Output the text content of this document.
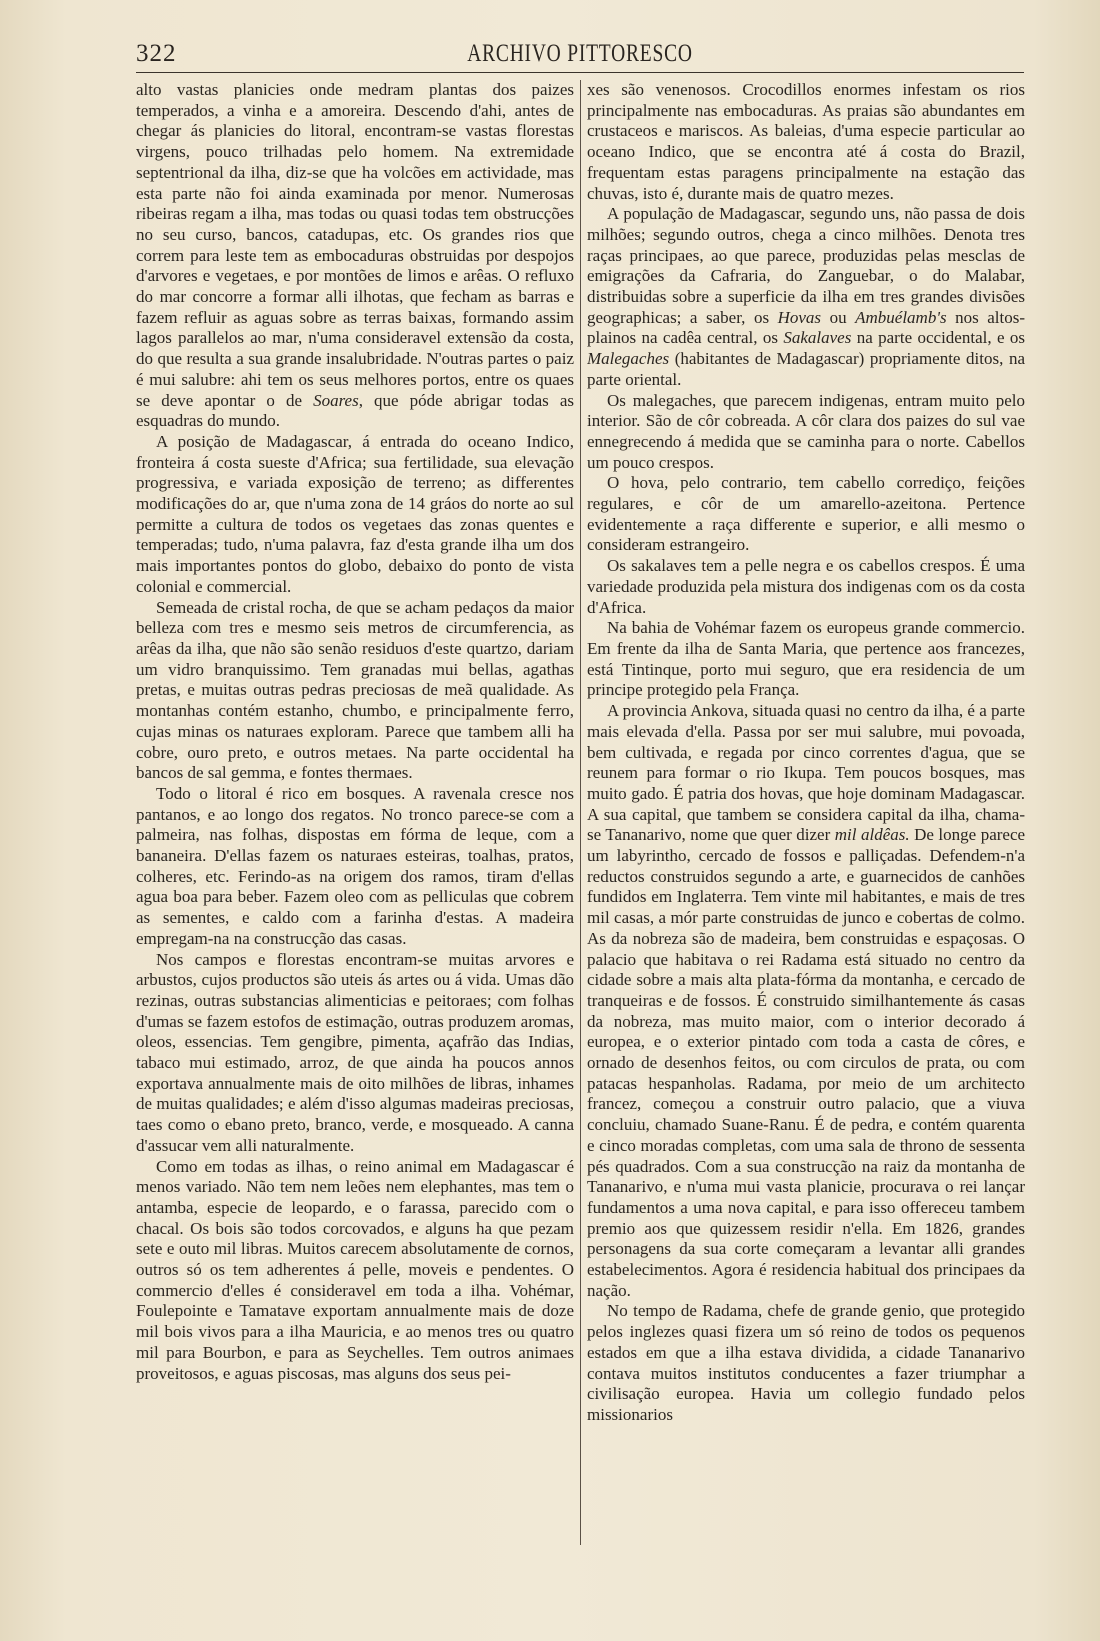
322	ARCHIVO PITTORESCO

alto vastas planicies onde medram plantas dos paizes temperados, a vinha e a amoreira. Descendo d'ahi, antes de chegar ás planicies do litoral, encontram-se vastas florestas virgens, pouco trilhadas pelo homem. Na extremidade septentrional da ilha, diz-se que ha volcões em actividade, mas esta parte não foi ainda examinada por menor. Numerosas ribeiras regam a ilha, mas todas ou quasi todas tem obstrucções no seu curso, bancos, catadupas, etc. Os grandes rios que correm para leste tem as embocaduras obstruidas por despojos d'arvores e vegetaes, e por montões de limos e arêas. O refluxo do mar concorre a formar alli ilhotas, que fecham as barras e fazem refluir as aguas sobre as terras baixas, formando assim lagos parallelos ao mar, n'uma consideravel extensão da costa, do que resulta a sua grande insalubridade. N'outras partes o paiz é mui salubre: ahi tem os seus melhores portos, entre os quaes se deve apontar o de Soares, que póde abrigar todas as esquadras do mundo.

A posição de Madagascar, á entrada do oceano Indico, fronteira á costa sueste d'Africa; sua fertilidade, sua elevação progressiva, e variada exposição de terreno; as differentes modificações do ar, que n'uma zona de 14 gráos do norte ao sul permitte a cultura de todos os vegetaes das zonas quentes e temperadas; tudo, n'uma palavra, faz d'esta grande ilha um dos mais importantes pontos do globo, debaixo do ponto de vista colonial e commercial.

Semeada de cristal rocha, de que se acham pedaços da maior belleza com tres e mesmo seis metros de circumferencia, as arêas da ilha, que não são senão residuos d'este quartzo, dariam um vidro branquissimo. Tem granadas mui bellas, agathas pretas, e muitas outras pedras preciosas de meã qualidade. As montanhas contém estanho, chumbo, e principalmente ferro, cujas minas os naturaes exploram. Parece que tambem alli ha cobre, ouro preto, e outros metaes. Na parte occidental ha bancos de sal gemma, e fontes thermaes.

Todo o litoral é rico em bosques. A ravenala cresce nos pantanos, e ao longo dos regatos. No tronco parece-se com a palmeira, nas folhas, dispostas em fórma de leque, com a bananeira. D'ellas fazem os naturaes esteiras, toalhas, pratos, colheres, etc. Ferindo-as na origem dos ramos, tiram d'ellas agua boa para beber. Fazem oleo com as pelliculas que cobrem as sementes, e caldo com a farinha d'estas. A madeira empregam-na na construcção das casas.

Nos campos e florestas encontram-se muitas arvores e arbustos, cujos productos são uteis ás artes ou á vida. Umas dão rezinas, outras substancias alimenticias e peitoraes; com folhas d'umas se fazem estofos de estimação, outras produzem aromas, oleos, essencias. Tem gengibre, pimenta, açafrão das Indias, tabaco mui estimado, arroz, de que ainda ha poucos annos exportava annualmente mais de oito milhões de libras, inhames de muitas qualidades; e além d'isso algumas madeiras preciosas, taes como o ebano preto, branco, verde, e mosqueado. A canna d'assucar vem alli naturalmente.

Como em todas as ilhas, o reino animal em Madagascar é menos variado. Não tem nem leões nem elephantes, mas tem o antamba, especie de leopardo, e o farassa, parecido com o chacal. Os bois são todos corcovados, e alguns ha que pezam sete e outo mil libras. Muitos carecem absolutamente de cornos, outros só os tem adherentes á pelle, moveis e pendentes. O commercio d'elles é consideravel em toda a ilha. Vohémar, Foulepointe e Tamatave exportam annualmente mais de doze mil bois vivos para a ilha Mauricia, e ao menos tres ou quatro mil para Bourbon, e para as Seychelles. Tem outros animaes proveitosos, e aguas piscosas, mas alguns dos seus pei-

xes são venenosos. Crocodillos enormes infestam os rios principalmente nas embocaduras. As praias são abundantes em crustaceos e mariscos. As baleias, d'uma especie particular ao oceano Indico, que se encontra até á costa do Brazil, frequentam estas paragens principalmente na estação das chuvas, isto é, durante mais de quatro mezes.

A população de Madagascar, segundo uns, não passa de dois milhões; segundo outros, chega a cinco milhões. Denota tres raças principaes, ao que parece, produzidas pelas mesclas de emigrações da Cafraria, do Zanguebar, o do Malabar, distribuidas sobre a superficie da ilha em tres grandes divisões geographicas; a saber, os Hovas ou Ambuélamb's nos altos-plainos na cadêa central, os Sakalaves na parte occidental, e os Malegaches (habitantes de Madagascar) propriamente ditos, na parte oriental.

Os malegaches, que parecem indigenas, entram muito pelo interior. São de côr cobreada. A côr clara dos paizes do sul vae ennegrecendo á medida que se caminha para o norte. Cabellos um pouco crespos.

O hova, pelo contrario, tem cabello corrediço, feições regulares, e côr de um amarello-azeitona. Pertence evidentemente a raça differente e superior, e alli mesmo o consideram estrangeiro.

Os sakalaves tem a pelle negra e os cabellos crespos. É uma variedade produzida pela mistura dos indigenas com os da costa d'Africa.

Na bahia de Vohémar fazem os europeus grande commercio. Em frente da ilha de Santa Maria, que pertence aos francezes, está Tintinque, porto mui seguro, que era residencia de um principe protegido pela França.

A provincia Ankova, situada quasi no centro da ilha, é a parte mais elevada d'ella. Passa por ser mui salubre, mui povoada, bem cultivada, e regada por cinco correntes d'agua, que se reunem para formar o rio Ikupa. Tem poucos bosques, mas muito gado. É patria dos hovas, que hoje dominam Madagascar. A sua capital, que tambem se considera capital da ilha, chama-se Tananarivo, nome que quer dizer mil aldêas. De longe parece um labyrintho, cercado de fossos e palliçadas. Defendem-n'a reductos construidos segundo a arte, e guarnecidos de canhões fundidos em Inglaterra. Tem vinte mil habitantes, e mais de tres mil casas, a mór parte construidas de junco e cobertas de colmo. As da nobreza são de madeira, bem construidas e espaçosas. O palacio que habitava o rei Radama está situado no centro da cidade sobre a mais alta plata-fórma da montanha, e cercado de tranqueiras e de fossos. É construido similhantemente ás casas da nobreza, mas muito maior, com o interior decorado á europea, e o exterior pintado com toda a casta de côres, e ornado de desenhos feitos, ou com circulos de prata, ou com patacas hespanholas. Radama, por meio de um architecto francez, começou a construir outro palacio, que a viuva concluiu, chamado Suane-Ranu. É de pedra, e contém quarenta e cinco moradas completas, com uma sala de throno de sessenta pés quadrados. Com a sua construcção na raiz da montanha de Tananarivo, e n'uma mui vasta planicie, procurava o rei lançar fundamentos a uma nova capital, e para isso offereceu tambem premio aos que quizessem residir n'ella. Em 1826, grandes personagens da sua corte começaram a levantar alli grandes estabelecimentos. Agora é residencia habitual dos principaes da nação.

No tempo de Radama, chefe de grande genio, que protegido pelos inglezes quasi fizera um só reino de todos os pequenos estados em que a ilha estava dividida, a cidade Tananarivo contava muitos institutos conducentes a fazer triumphar a civilisação europea. Havia um collegio fundado pelos missionarios
